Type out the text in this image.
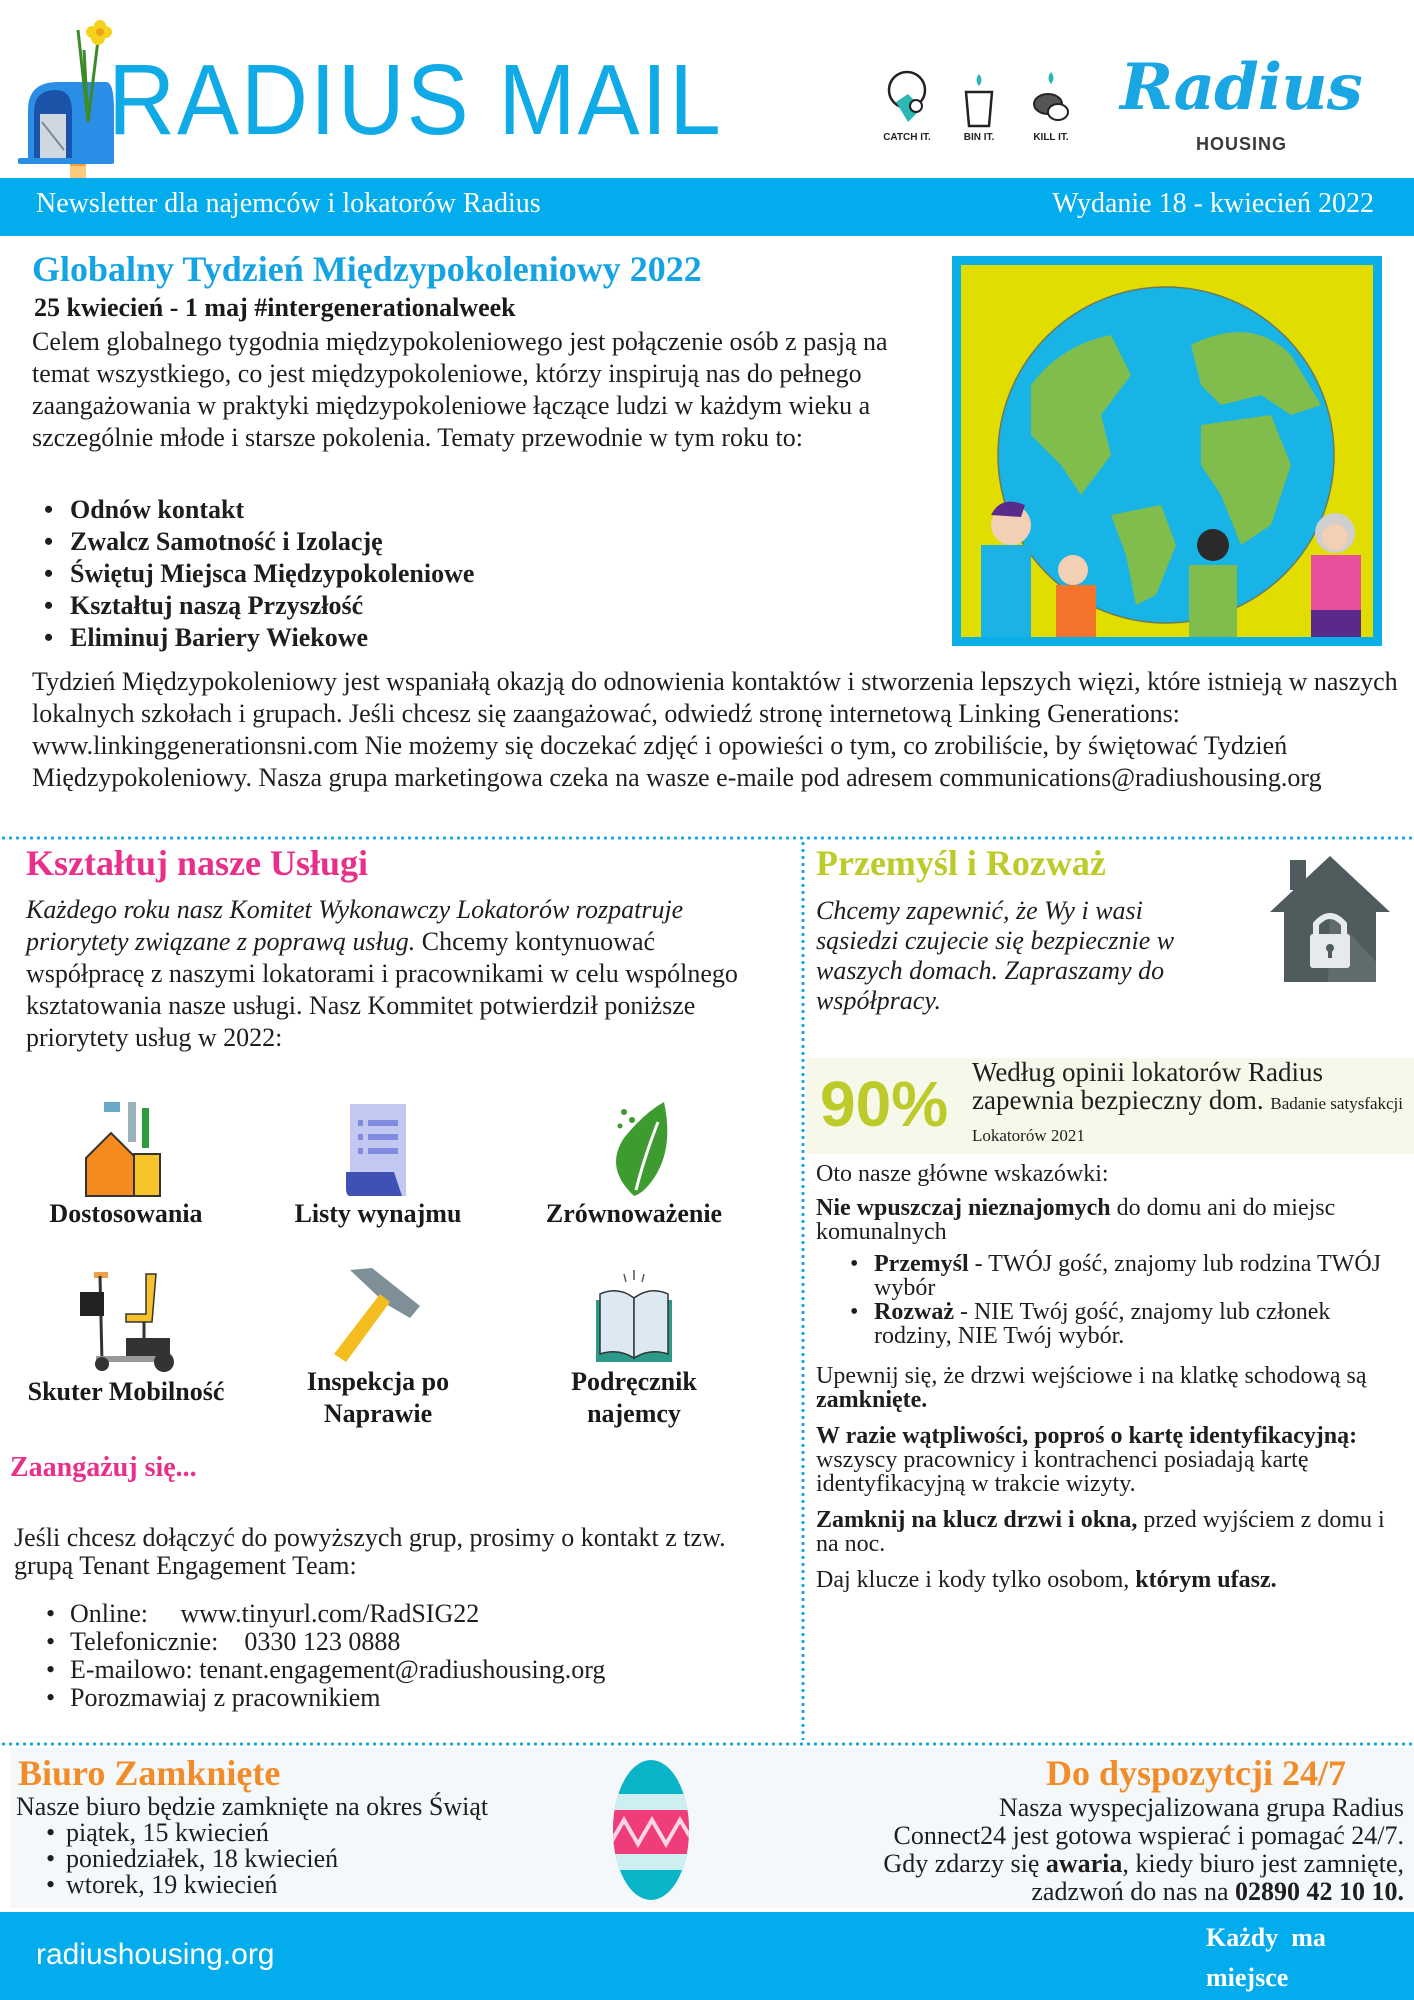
RADIUS MAIL	CATCH IT.	BIN IT.	KILL IT.
Radius
HOUSING
Newsletter dla najemców i lokatorów Radius	Wydanie 18 - kwiecień 2022
Globalny Tydzień Międzypokoleniowy 2022
25 kwiecień - 1 maj #intergenerationalweek
Celem globalnego tygodnia międzypokoleniowego jest połączenie osób z pasją na temat wszystkiego, co jest międzypokoleniowe, którzy inspirują nas do pełnego zaangażowania w praktyki międzypokoleniowe łączące ludzi w każdym wieku a szczególnie młode i starsze pokolenia. Tematy przewodnie w tym roku to:
• Odnów kontakt
• Zwalcz Samotność i Izolację
• Świętuj Miejsca Międzypokoleniowe
• Kształtuj naszą Przyszłość
• Eliminuj Bariery Wiekowe
Tydzień Międzypokoleniowy jest wspaniałą okazją do odnowienia kontaktów i stworzenia lepszych więzi, które istnieją w naszych lokalnych szkołach i grupach. Jeśli chcesz się zaangażować, odwiedź stronę internetową Linking Generations: www.linkinggenerationsni.com Nie możemy się doczekać zdjęć i opowieści o tym, co zrobiliście, by świętować Tydzień Międzypokoleniowy. Nasza grupa marketingowa czeka na wasze e-maile pod adresem communications@radiushousing.org
Kształtuj nasze Usługi
Każdego roku nasz Komitet Wykonawczy Lokatorów rozpatruje priorytety związane z poprawą usług. Chcemy kontynuować współpracę z naszymi lokatorami i pracownikami w celu wspólnego ksztatowania nasze usługi. Nasz Kommitet potwierdził poniższe priorytety usług w 2022:
Dostosowania	Listy wynajmu	Zrównoważenie
Skuter Mobilność	Inspekcja po Naprawie
Podręcznik najemcy
Zaangażuj się...
Jeśli chcesz dołączyć do powyższych grup, prosimy o kontakt z tzw. grupą Tenant Engagement Team:
• Online:     www.tinyurl.com/RadSIG22
• Telefonicznie:    0330 123 0888
• E-mailowo: tenant.engagement@radiushousing.org
• Porozmawiaj z pracownikiem
Przemyśl i Rozważ
Chcemy zapewnić, że Wy i wasi sąsiedzi czujecie się bezpiecznie w waszych domach. Zapraszamy do współpracy.
90% Według opinii lokatorów Radius zapewnia bezpieczny dom. Badanie satysfakcji Lokatorów 2021

Oto nasze główne wskazówki:

Nie wpuszczaj nieznajomych do domu ani do miejsc komunalnych

• Przemyśl - TWÓJ gość, znajomy lub rodzina TWÓJ wybór
• Rozważ - NIE Twój gość, znajomy lub członek rodziny, NIE Twój wybór.

Upewnij się, że drzwi wejściowe i na klatkę schodową są zamknięte.

W razie wątpliwości, poproś o kartę identyfikacyjną: wszyscy pracownicy i kontrachenci posiadają kartę identyfikacyjną w trakcie wizyty.

Zamknij na klucz drzwi i okna, przed wyjściem z domu i na noc.

Daj klucze i kody tylko osobom, którym ufasz.

Biuro Zamknięte
Nasze biuro będzie zamknięte na okres Świąt
• piątek, 15 kwiecień
• poniedziałek, 18 kwiecień
• wtorek, 19 kwiecień
Do dyspozytcji 24/7
Nasza wyspecjalizowana grupa Radius
Connect24 jest gotowa wspierać i pomagać 24/7.
Gdy zdarzy się awaria, kiedy biuro jest zamnięte,
zadzwoń do nas na 02890 42 10 10.
radiushousing.org
Każdy  ma miejsce
